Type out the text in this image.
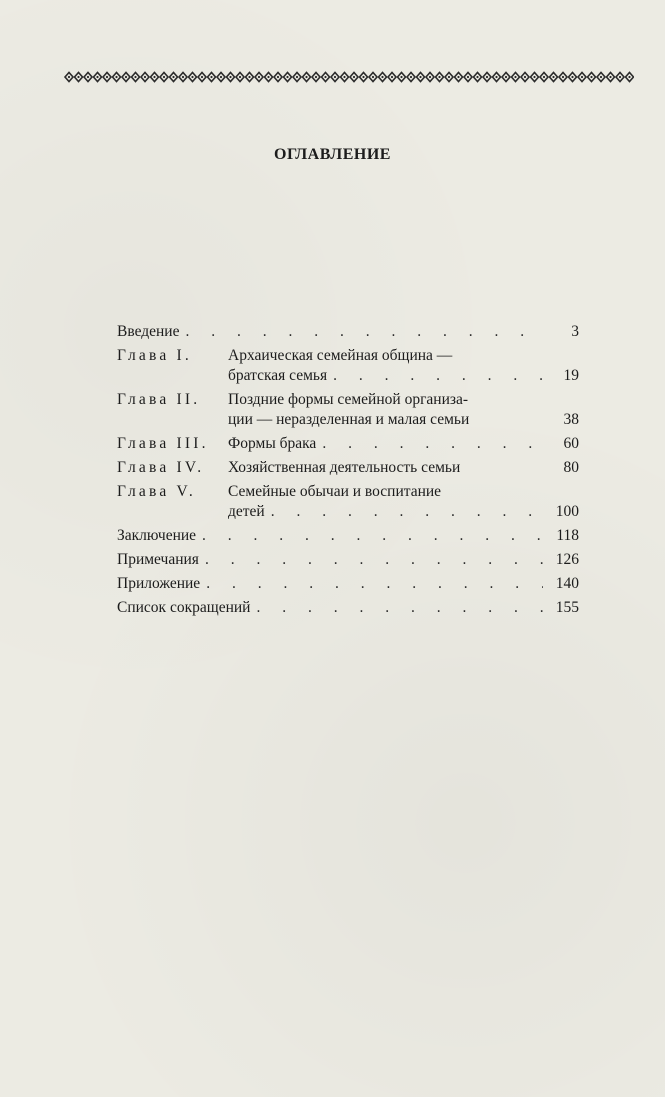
ОГЛАВЛЕНИЕ
Введение . . .	3
Глава I.	Архаическая семейная община —
братская семья . . .	19
Глава II.	Поздние формы семейной организа-
ции — неразделенная и малая семьи	38
Глава III.	Формы брака . . .	60
Глава IV.	Хозяйственная деятельность семьи	80
Глава V.	Семейные обычаи и воспитание
детей . . .	100
Заключение . . .	118
Примечания . . .	126
Приложение . . .	140
Список сокращений . . .	155
